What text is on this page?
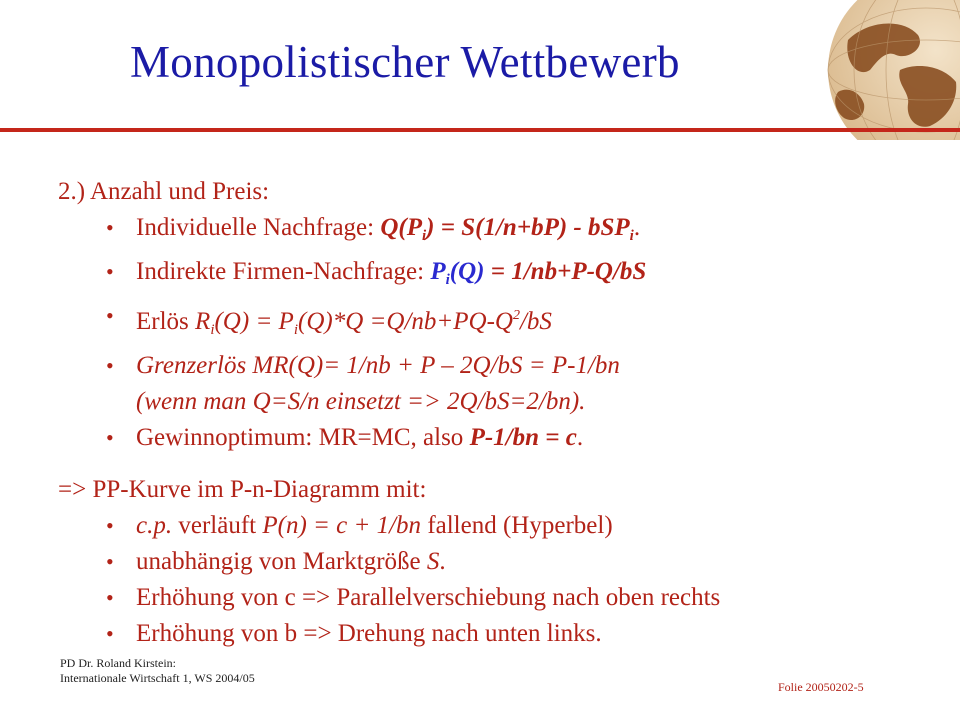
Monopolistischer Wettbewerb
2.) Anzahl und Preis:
• Individuelle Nachfrage: $Q(P_i) = S(1/n+bP) - bSP_i$.
• Indirekte Firmen-Nachfrage: $P_i(Q) = 1/nb+P-Q/bS$
• Erlös $R_i(Q) = P_i(Q)*Q =Q/nb+PQ-Q^2/bS$
• Grenzerlös MR(Q)= 1/nb + P – 2Q/bS = P-1/bn
(wenn man Q=S/n einsetzt => 2Q/bS=2/bn).
• Gewinnoptimum: MR=MC, also P-1/bn = c.
=> PP-Kurve im P-n-Diagramm mit:
• c.p. verläuft P(n) = c + 1/bn fallend (Hyperbel)
• unabhängig von Marktgröße S.
• Erhöhung von c => Parallelverschiebung nach oben rechts
• Erhöhung von b => Drehung nach unten links.
PD Dr. Roland Kirstein:
Internationale Wirtschaft 1, WS 2004/05
Folie 20050202-5
